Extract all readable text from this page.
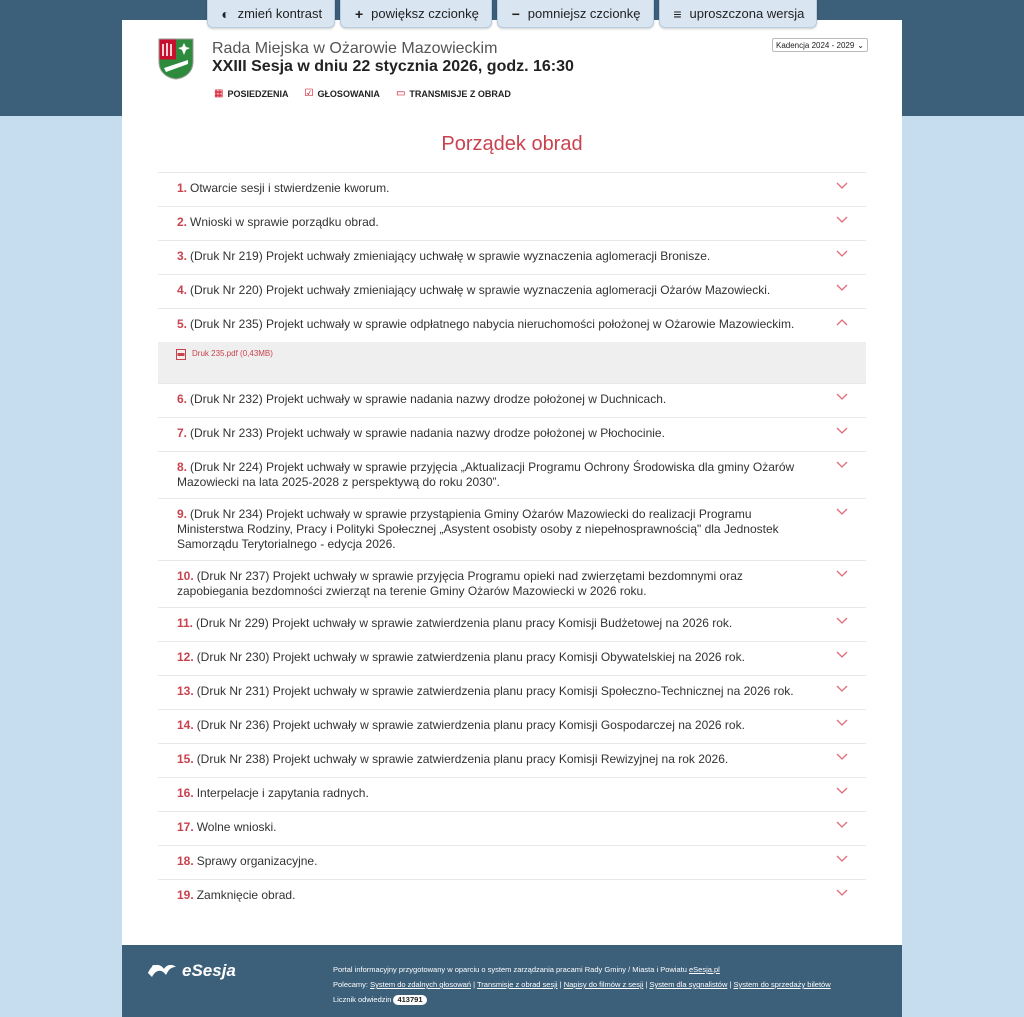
◐ zmień kontrast + powiększ czcionkę − pomniejsz czcionkę ≡ uproszczona wersja
Rada Miejska w Ożarowie Mazowieckim
XXIII Sesja w dniu 22 stycznia 2026, godz. 16:30
Kadencja 2024 - 2029 ⌄
▦ POSIEDZENIA ☑ GŁOSOWANIA ▭ TRANSMISJE Z OBRAD
Porządek obrad
1. Otwarcie sesji i stwierdzenie kworum.
2. Wnioski w sprawie porządku obrad.
3. (Druk Nr 219) Projekt uchwały zmieniający uchwałę w sprawie wyznaczenia aglomeracji Bronisze.
4. (Druk Nr 220) Projekt uchwały zmieniający uchwałę w sprawie wyznaczenia aglomeracji Ożarów Mazowiecki.
5. (Druk Nr 235) Projekt uchwały w sprawie odpłatnego nabycia nieruchomości położonej w Ożarowie Mazowieckim.
Druk 235.pdf (0,43MB)
6. (Druk Nr 232) Projekt uchwały w sprawie nadania nazwy drodze położonej w Duchnicach.
7. (Druk Nr 233) Projekt uchwały w sprawie nadania nazwy drodze położonej w Płochocinie.
8. (Druk Nr 224) Projekt uchwały w sprawie przyjęcia „Aktualizacji Programu Ochrony Środowiska dla gminy Ożarów Mazowiecki na lata 2025-2028 z perspektywą do roku 2030”.
9. (Druk Nr 234) Projekt uchwały w sprawie przystąpienia Gminy Ożarów Mazowiecki do realizacji Programu Ministerstwa Rodziny, Pracy i Polityki Społecznej „Asystent osobisty osoby z niepełnosprawnością" dla Jednostek Samorządu Terytorialnego - edycja 2026.
10. (Druk Nr 237) Projekt uchwały w sprawie przyjęcia Programu opieki nad zwierzętami bezdomnymi oraz zapobiegania bezdomności zwierząt na terenie Gminy Ożarów Mazowiecki w 2026 roku.
11. (Druk Nr 229) Projekt uchwały w sprawie zatwierdzenia planu pracy Komisji Budżetowej na 2026 rok.
12. (Druk Nr 230) Projekt uchwały w sprawie zatwierdzenia planu pracy Komisji Obywatelskiej na 2026 rok.
13. (Druk Nr 231) Projekt uchwały w sprawie zatwierdzenia planu pracy Komisji Społeczno-Technicznej na 2026 rok.
14. (Druk Nr 236) Projekt uchwały w sprawie zatwierdzenia planu pracy Komisji Gospodarczej na 2026 rok.
15. (Druk Nr 238) Projekt uchwały w sprawie zatwierdzenia planu pracy Komisji Rewizyjnej na rok 2026.
16. Interpelacje i zapytania radnych.
17. Wolne wnioski.
18. Sprawy organizacyjne.
19. Zamknięcie obrad.
eSesja	Portal informacyjny przygotowany w oparciu o system zarządzania pracami Rady Gminy / Miasta i Powiatu eSesja.pl
Polecamy: System do zdalnych głosowań | Transmisje z obrad sesji | Napisy do filmów z sesji | System dla sygnalistów | System do sprzedaży biletów
Licznik odwiedzin 413791
